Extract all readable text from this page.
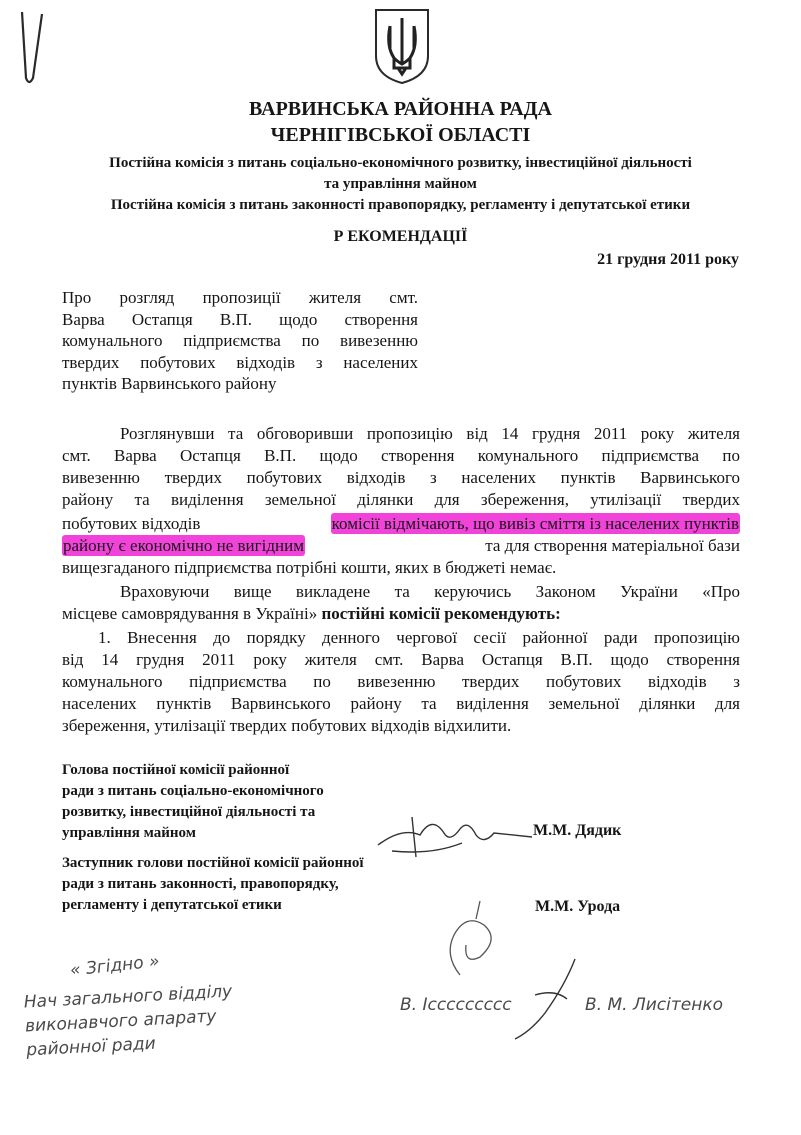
ВАРВИНСЬКА РАЙОННА РАДА
ЧЕРНІГІВСЬКОЇ ОБЛАСТІ
Постійна комісія з питань соціально-економічного розвитку, інвестиційної діяльності
та управління майном
Постійна комісія з питань законності правопорядку, регламенту і депутатської етики
Р ЕКОМЕНДАЦІЇ
21 грудня 2011 року
Про розгляд пропозиції жителя смт.
Варва Остапця В.П. щодо створення
комунального підприємства по вивезенню
твердих побутових відходів з населених
пунктів Варвинського району
Розглянувши та обговоривши пропозицію від 14 грудня 2011 року жителя
смт. Варва Остапця В.П. щодо створення комунального підприємства по
вивезенню твердих побутових відходів з населених пунктів Варвинського
району та виділення земельної ділянки для збереження, утилізації твердих
побутових відходів	комісії відмічають, що вивіз сміття із населених пунктів
району є економічно не вигідним	та для створення матеріальної бази
вищезгаданого підприємства потрібні кошти, яких в бюджеті немає.
Враховуючи вище викладене та керуючись Законом України «Про
місцеве самоврядування в Україні» постійні комісії рекомендують:
1. Внесення до порядку денного чергової сесії районної ради пропозицію
від 14 грудня 2011 року жителя смт. Варва Остапця В.П. щодо створення
комунального підприємства по вивезенню твердих побутових відходів з
населених пунктів Варвинського району та виділення земельної ділянки для
збереження, утилізації твердих побутових відходів відхилити.
Голова постійної комісії районної
ради з питань соціально-економічного
розвитку, інвестиційної діяльності та
управління майном	М.М. Дядик
Заступник голови постійної комісії районної
ради з питань законності, правопорядку,
регламенту і депутатської етики	М.М. Урода
« Згідно »
Нач загального відділу
виконавчого апарату
районної ради
В. Іссссссссс	В. М. Лисітенко
